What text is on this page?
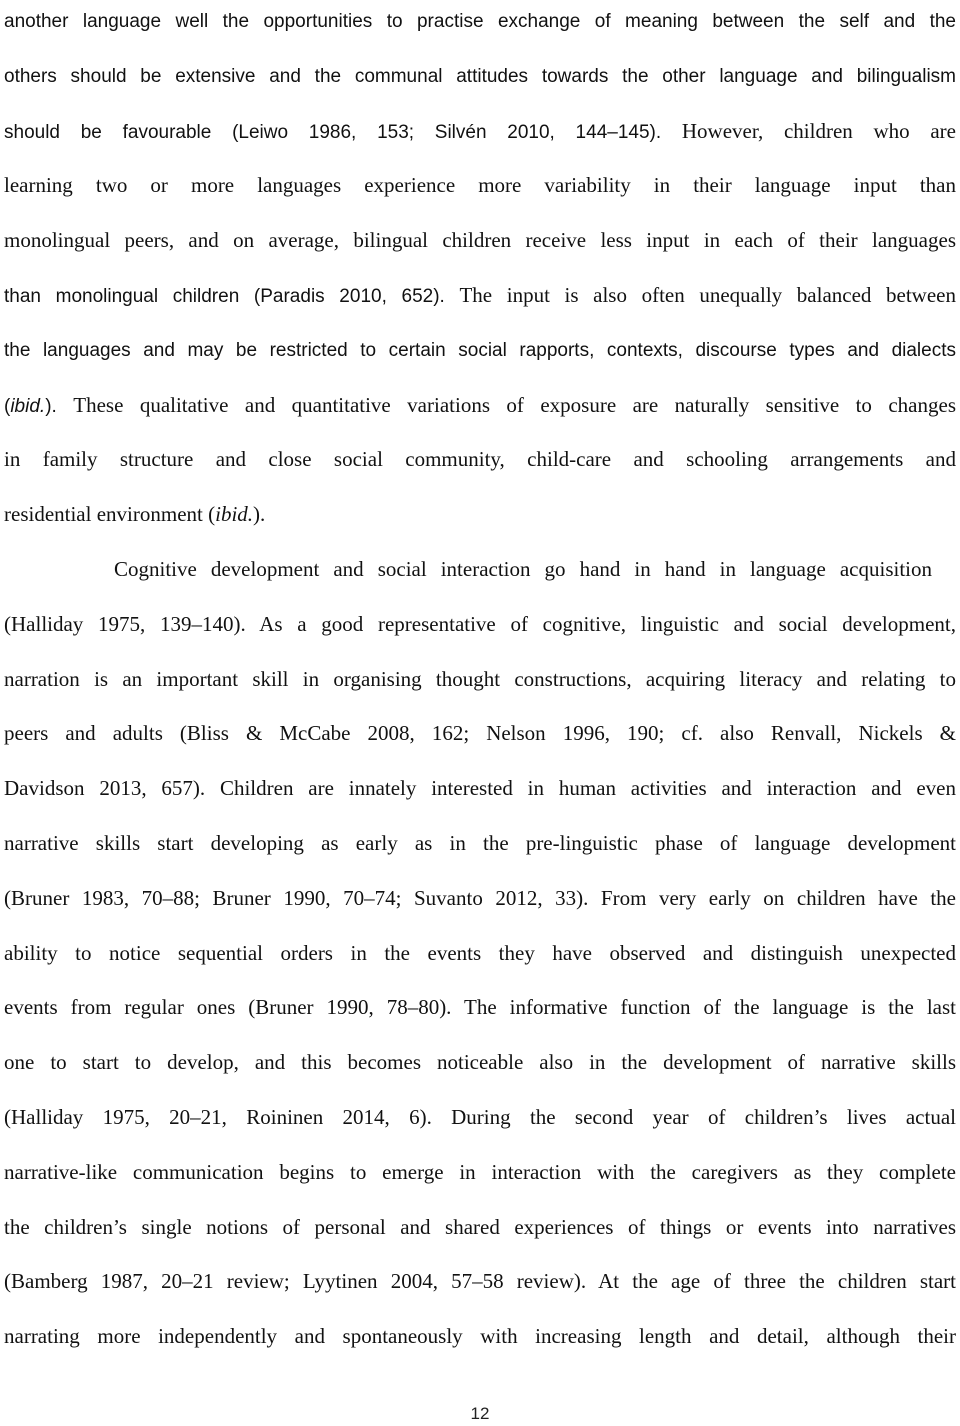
another language well the opportunities to practise exchange of meaning between the self and the
others should be extensive and the communal attitudes towards the other language and bilingualism
should be favourable (Leiwo 1986, 153; Silvén 2010, 144–145). However, children who are
learning two or more languages experience more variability in their language input than
monolingual peers, and on average, bilingual children receive less input in each of their languages
than monolingual children (Paradis 2010, 652). The input is also often unequally balanced between
the languages and may be restricted to certain social rapports, contexts, discourse types and dialects
(ibid.). These qualitative and quantitative variations of exposure are naturally sensitive to changes
in family structure and close social community, child-care and schooling arrangements and
residential environment (ibid.).
Cognitive development and social interaction go hand in hand in language acquisition
(Halliday 1975, 139–140). As a good representative of cognitive, linguistic and social development,
narration is an important skill in organising thought constructions, acquiring literacy and relating to
peers and adults (Bliss & McCabe 2008, 162; Nelson 1996, 190; cf. also Renvall, Nickels &
Davidson 2013, 657). Children are innately interested in human activities and interaction and even
narrative skills start developing as early as in the pre-linguistic phase of language development
(Bruner 1983, 70–88; Bruner 1990, 70–74; Suvanto 2012, 33). From very early on children have the
ability to notice sequential orders in the events they have observed and distinguish unexpected
events from regular ones (Bruner 1990, 78–80). The informative function of the language is the last
one to start to develop, and this becomes noticeable also in the development of narrative skills
(Halliday 1975, 20–21, Roininen 2014, 6). During the second year of children’s lives actual
narrative-like communication begins to emerge in interaction with the caregivers as they complete
the children’s single notions of personal and shared experiences of things or events into narratives
(Bamberg 1987, 20–21 review; Lyytinen 2004, 57–58 review). At the age of three the children start
narrating more independently and spontaneously with increasing length and detail, although their
12
